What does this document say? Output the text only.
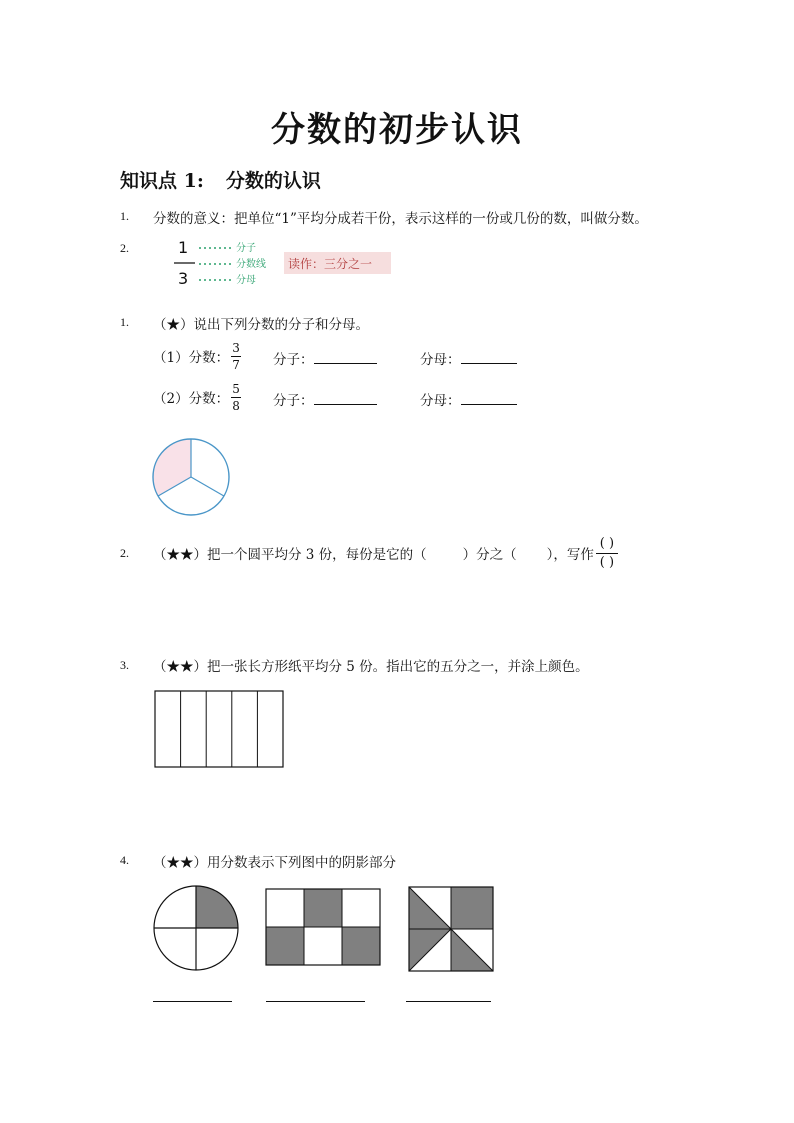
分数的初步认识
知识点 1: 分数的认识
1. 分数的意义：把单位“1”平均分成若干份，表示这样的一份或几份的数，叫做分数。
2.	1
3
分子
分数线
分母
读作：三分之一
1. （★）说出下列分数的分子和分母。
（1）分数： $\frac{3}{7}$ 分子：	分母：
（2）分数： $\frac{5}{8}$ 分子：	分母：
2. （★★）把一个圆平均分 3 份，每份是它的（	）分之（ ），写作 $\frac{( )}{( )}$
3. （★★）把一张长方形纸平均分 5 份。指出它的五分之一，并涂上颜色。
4. （★★）用分数表示下列图中的阴影部分
